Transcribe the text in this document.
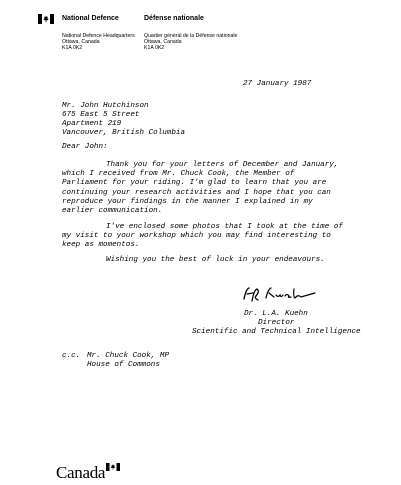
National Defence	Défense nationale
National Defence Headquarters
Ottawa, Canada
K1A 0K2
Quartier général de la Défense nationale
Ottawa, Canada
K1A 0K2
27 January 1987
Mr. John Hutchinson
675 East 5 Street
Apartment 219
Vancouver, British Columbia
Dear John:
Thank you for your letters of December and January,
which I received from Mr. Chuck Cook, the Member of
Parliament for your riding. I'm glad to learn that you are
continuing your research activities and I hope that you can
reproduce your findings in the manner I explained in my
earlier communication.
I've enclosed some photos that I took at the time of
my visit to your workshop which you may find interesting to
keep as momentos.
Wishing you the best of luck in your endeavours.
Dr. L.A. Kuehn
Director
Scientific and Technical Intelligence
c.c. Mr. Chuck Cook, MP
House of Commons
Canada
